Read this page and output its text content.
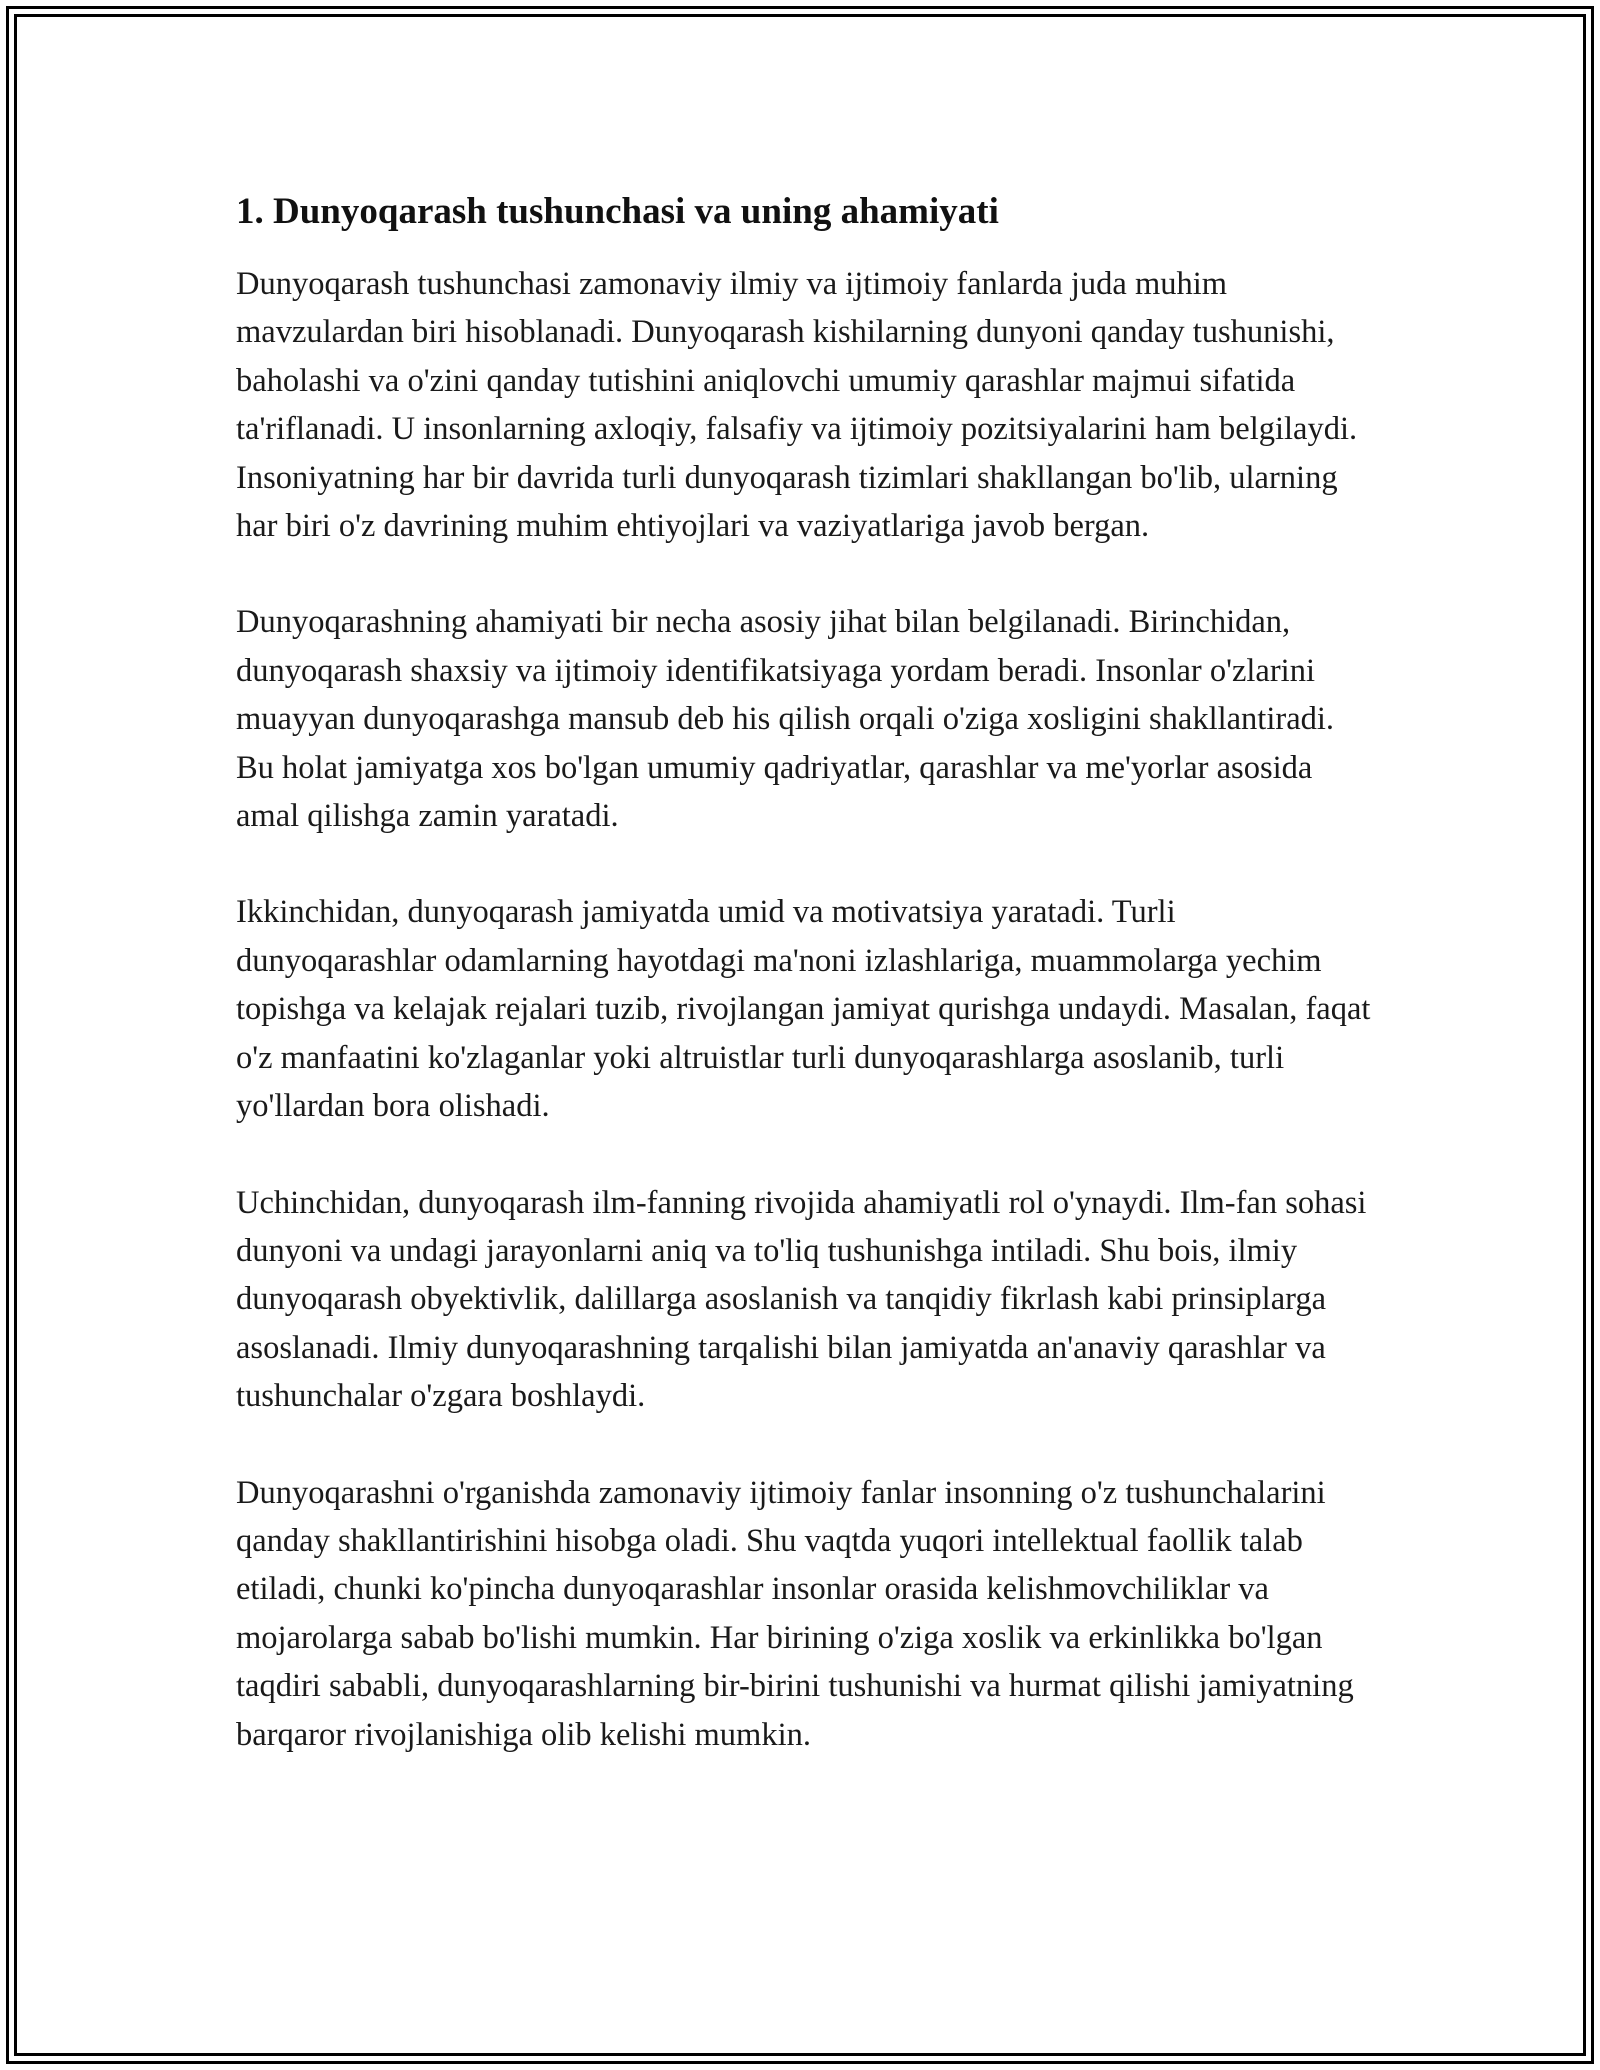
1. Dunyoqarash tushunchasi va uning ahamiyati

Dunyoqarash tushunchasi zamonaviy ilmiy va ijtimoiy fanlarda juda muhim mavzulardan biri hisoblanadi. Dunyoqarash kishilarning dunyoni qanday tushunishi, baholashi va o'zini qanday tutishini aniqlovchi umumiy qarashlar majmui sifatida ta'riflanadi. U insonlarning axloqiy, falsafiy va ijtimoiy pozitsiyalarini ham belgilaydi. Insoniyatning har bir davrida turli dunyoqarash tizimlari shakllangan bo'lib, ularning har biri o'z davrining muhim ehtiyojlari va vaziyatlariga javob bergan.

Dunyoqarashning ahamiyati bir necha asosiy jihat bilan belgilanadi. Birinchidan, dunyoqarash shaxsiy va ijtimoiy identifikatsiyaga yordam beradi. Insonlar o'zlarini muayyan dunyoqarashga mansub deb his qilish orqali o'ziga xosligini shakllantiradi. Bu holat jamiyatga xos bo'lgan umumiy qadriyatlar, qarashlar va me'yorlar asosida amal qilishga zamin yaratadi.

Ikkinchidan, dunyoqarash jamiyatda umid va motivatsiya yaratadi. Turli dunyoqarashlar odamlarning hayotdagi ma'noni izlashlariga, muammolarga yechim topishga va kelajak rejalari tuzib, rivojlangan jamiyat qurishga undaydi. Masalan, faqat o'z manfaatini ko'zlaganlar yoki altruistlar turli dunyoqarashlarga asoslanib, turli yo'llardan bora olishadi.

Uchinchidan, dunyoqarash ilm-fanning rivojida ahamiyatli rol o'ynaydi. Ilm-fan sohasi dunyoni va undagi jarayonlarni aniq va to'liq tushunishga intiladi. Shu bois, ilmiy dunyoqarash obyektivlik, dalillarga asoslanish va tanqidiy fikrlash kabi prinsiplarga asoslanadi. Ilmiy dunyoqarashning tarqalishi bilan jamiyatda an'anaviy qarashlar va tushunchalar o'zgara boshlaydi.

Dunyoqarashni o'rganishda zamonaviy ijtimoiy fanlar insonning o'z tushunchalarini qanday shakllantirishini hisobga oladi. Shu vaqtda yuqori intellektual faollik talab etiladi, chunki ko'pincha dunyoqarashlar insonlar orasida kelishmovchiliklar va mojarolarga sabab bo'lishi mumkin. Har birining o'ziga xoslik va erkinlikka bo'lgan taqdiri sababli, dunyoqarashlarning bir-birini tushunishi va hurmat qilishi jamiyatning barqaror rivojlanishiga olib kelishi mumkin.
